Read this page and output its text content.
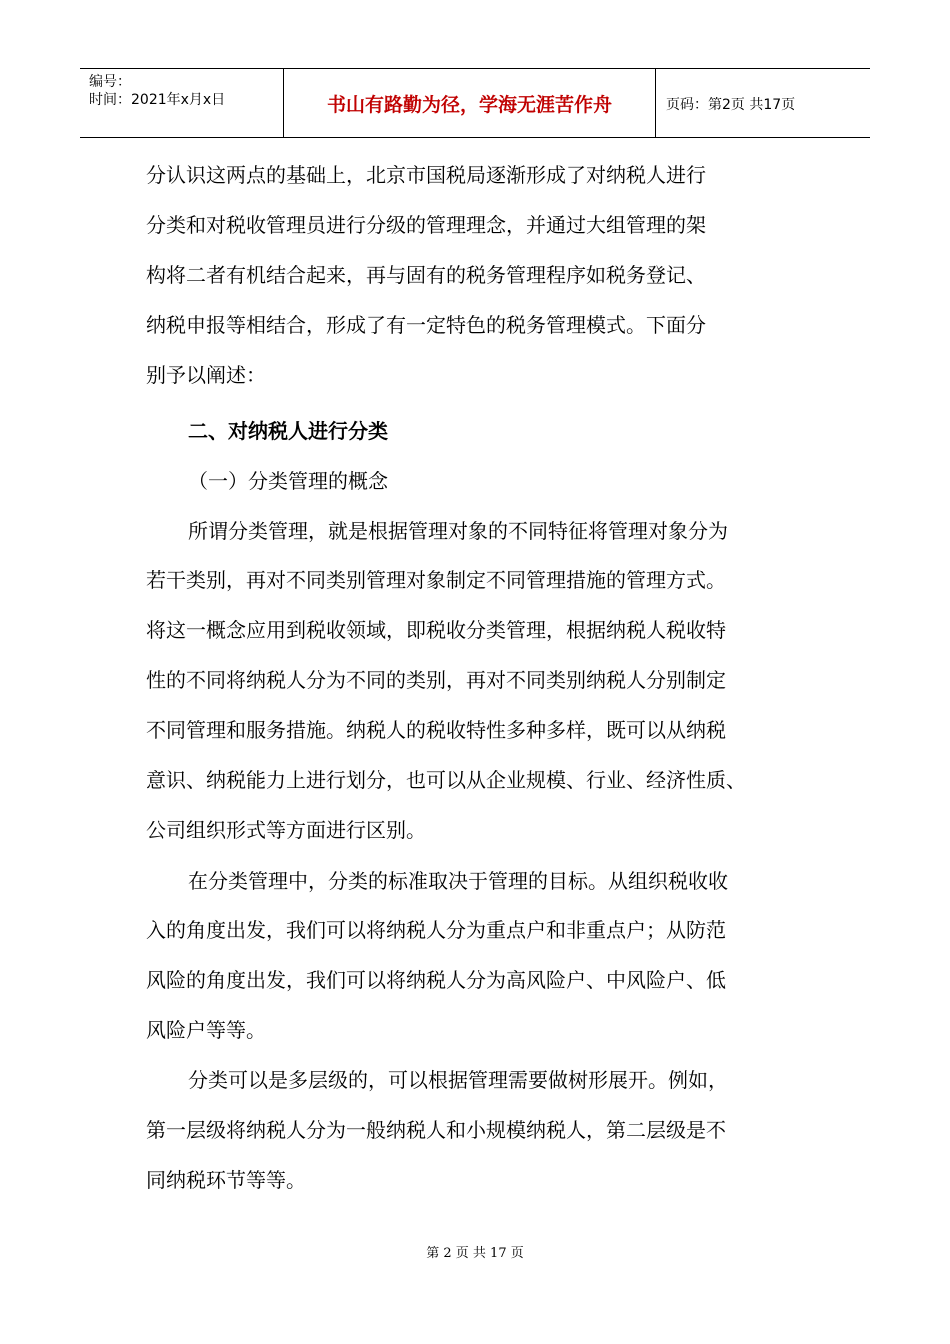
编号：
时间：2021年x月x日	书山有路勤为径，学海无涯苦作舟	页码：第2页 共17页
分认识这两点的基础上，北京市国税局逐渐形成了对纳税人进行
分类和对税收管理员进行分级的管理理念，并通过大组管理的架
构将二者有机结合起来，再与固有的税务管理程序如税务登记、
纳税申报等相结合，形成了有一定特色的税务管理模式。下面分
别予以阐述：
二、对纳税人进行分类
（一）分类管理的概念
所谓分类管理，就是根据管理对象的不同特征将管理对象分为
若干类别，再对不同类别管理对象制定不同管理措施的管理方式。
将这一概念应用到税收领域，即税收分类管理，根据纳税人税收特
性的不同将纳税人分为不同的类别，再对不同类别纳税人分别制定
不同管理和服务措施。纳税人的税收特性多种多样，既可以从纳税
意识、纳税能力上进行划分，也可以从企业规模、行业、经济性质、
公司组织形式等方面进行区别。
在分类管理中，分类的标准取决于管理的目标。从组织税收收
入的角度出发，我们可以将纳税人分为重点户和非重点户；从防范
风险的角度出发，我们可以将纳税人分为高风险户、中风险户、低
风险户等等。
分类可以是多层级的，可以根据管理需要做树形展开。例如，
第一层级将纳税人分为一般纳税人和小规模纳税人，第二层级是不
同纳税环节等等。
第 2 页 共 17 页
